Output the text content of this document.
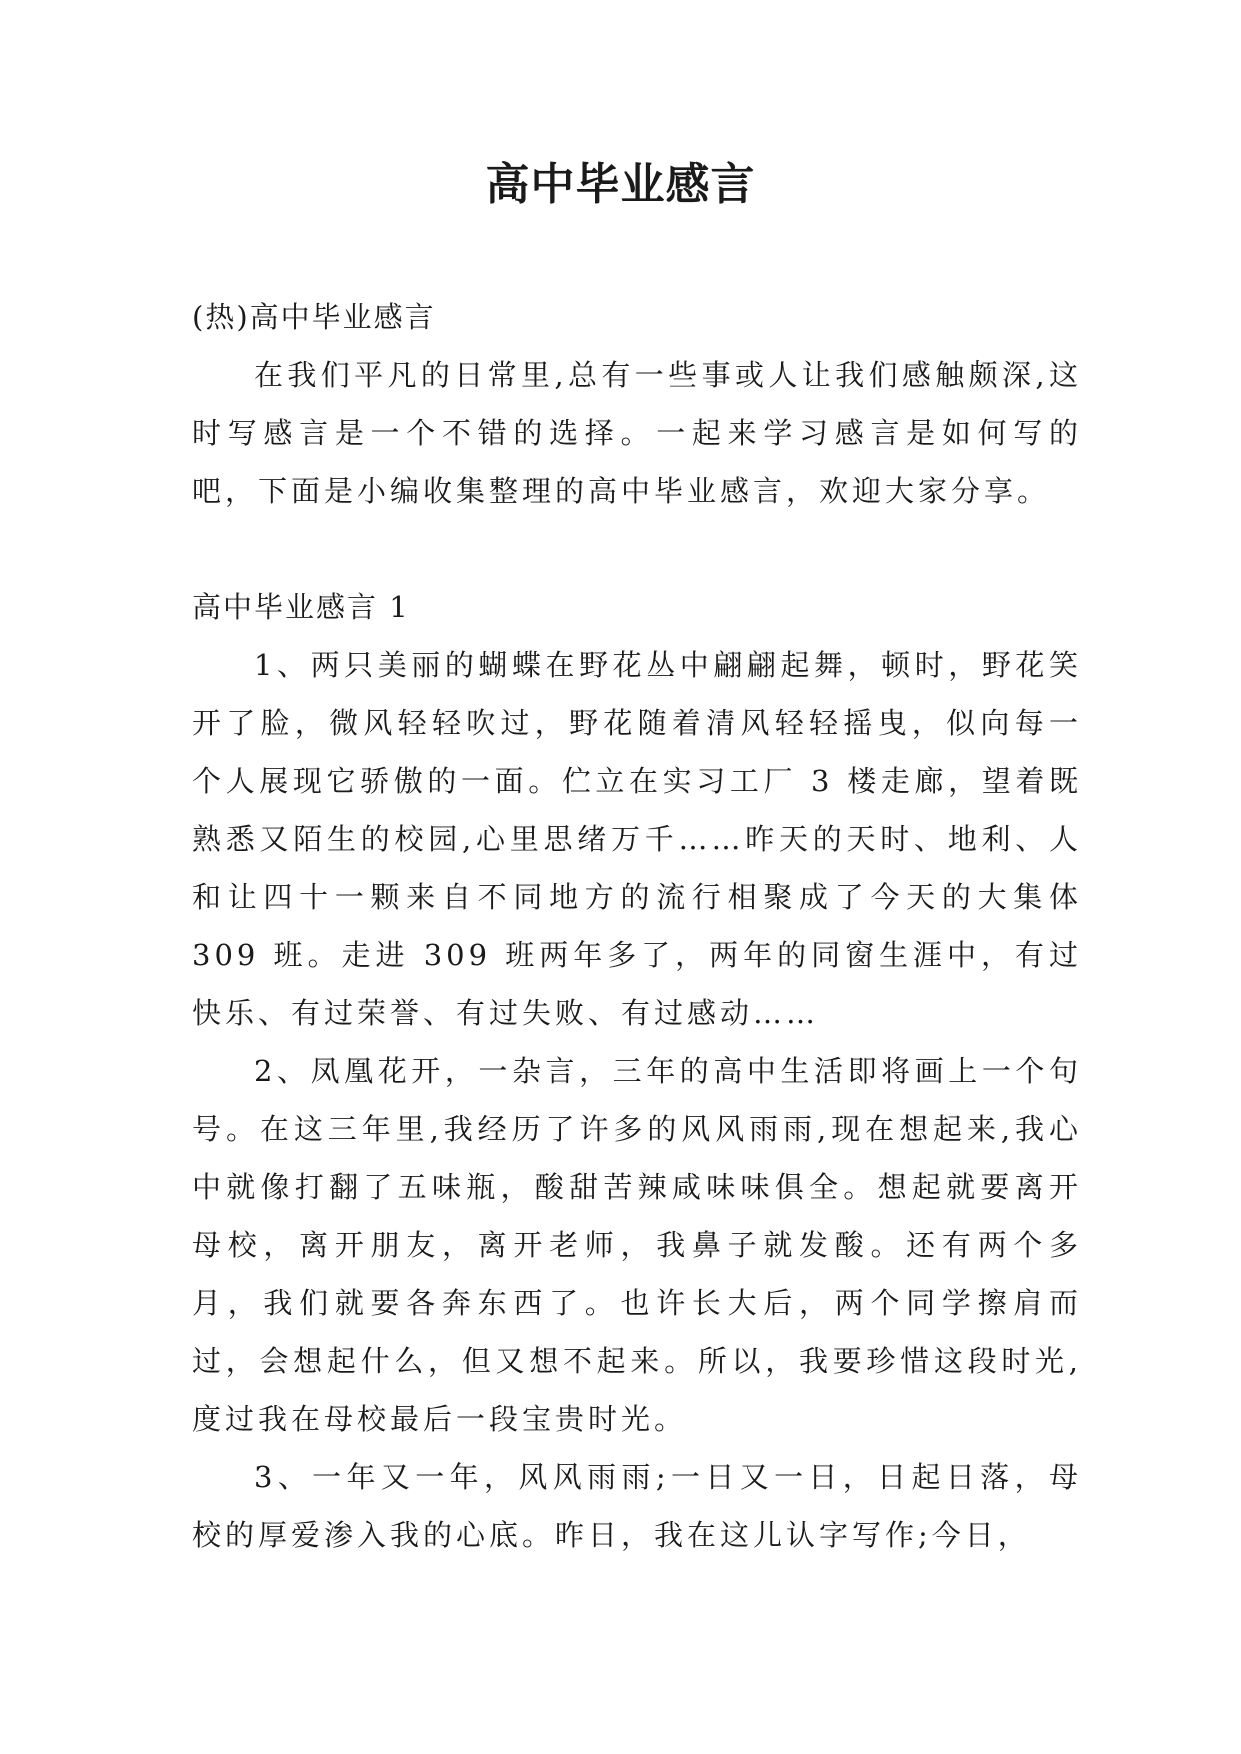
高中毕业感言

(热)高中毕业感言

在我们平凡的日常里,总有一些事或人让我们感触颇深,这时写感言是一个不错的选择。一起来学习感言是如何写的吧，下面是小编收集整理的高中毕业感言，欢迎大家分享。

高中毕业感言 1

1、两只美丽的蝴蝶在野花丛中翩翩起舞，顿时，野花笑开了脸，微风轻轻吹过，野花随着清风轻轻摇曳，似向每一个人展现它骄傲的一面。伫立在实习工厂 3 楼走廊，望着既熟悉又陌生的校园,心里思绪万千……昨天的天时、地利、人和让四十一颗来自不同地方的流行相聚成了今天的大集体 309 班。走进 309 班两年多了，两年的同窗生涯中，有过快乐、有过荣誉、有过失败、有过感动……

2、凤凰花开，一杂言，三年的高中生活即将画上一个句号。在这三年里,我经历了许多的风风雨雨,现在想起来,我心中就像打翻了五味瓶，酸甜苦辣咸味味俱全。想起就要离开母校，离开朋友，离开老师，我鼻子就发酸。还有两个多月，我们就要各奔东西了。也许长大后，两个同学擦肩而过，会想起什么，但又想不起来。所以，我要珍惜这段时光,度过我在母校最后一段宝贵时光。

3、一年又一年，风风雨雨;一日又一日，日起日落，母校的厚爱渗入我的心底。昨日，我在这儿认字写作;今日，
